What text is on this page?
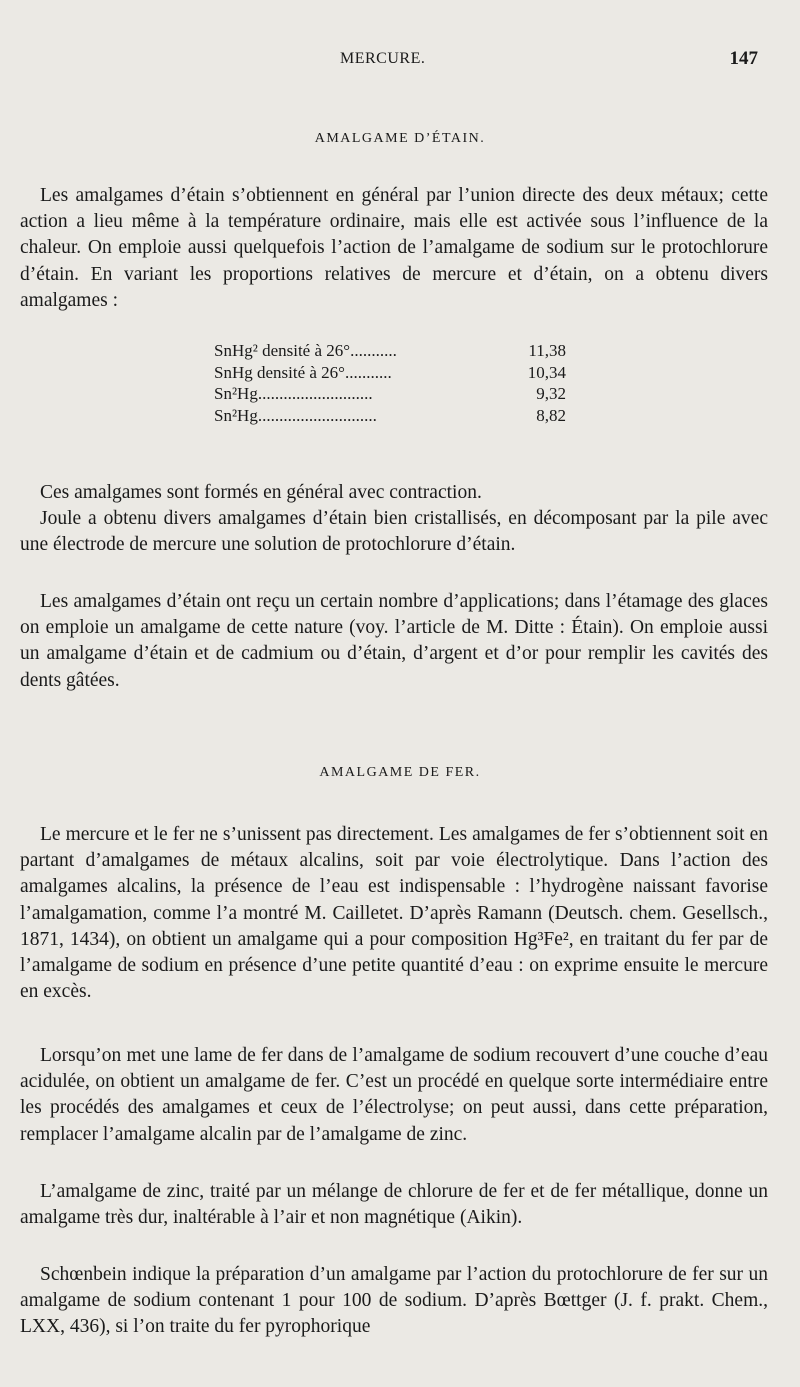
MERCURE.	147
AMALGAME D’ÉTAIN.

Les amalgames d’étain s’obtiennent en général par l’union directe des deux métaux; cette action a lieu même à la température ordinaire, mais elle est activée sous l’influence de la chaleur. On emploie aussi quelquefois l’action de l’amalgame de sodium sur le protochlorure d’étain. En variant les proportions relatives de mercure et d’étain, on a obtenu divers amalgames :

SnHg² densité à 26°...........	11,38
SnHg densité à 26°...........	10,34
Sn²Hg...........................	9,32
Sn²Hg............................	8,82

Ces amalgames sont formés en général avec contraction.

Joule a obtenu divers amalgames d’étain bien cristallisés, en décomposant par la pile avec une électrode de mercure une solution de protochlorure d’étain.

Les amalgames d’étain ont reçu un certain nombre d’applications; dans l’étamage des glaces on emploie un amalgame de cette nature (voy. l’article de M. Ditte : Étain). On emploie aussi un amalgame d’étain et de cadmium ou d’étain, d’argent et d’or pour remplir les cavités des dents gâtées.

AMALGAME DE FER.

Le mercure et le fer ne s’unissent pas directement. Les amalgames de fer s’obtiennent soit en partant d’amalgames de métaux alcalins, soit par voie électrolytique. Dans l’action des amalgames alcalins, la présence de l’eau est indispensable : l’hydrogène naissant favorise l’amalgamation, comme l’a montré M. Cailletet. D’après Ramann (Deutsch. chem. Gesellsch., 1871, 1434), on obtient un amalgame qui a pour composition Hg³Fe², en traitant du fer par de l’amalgame de sodium en présence d’une petite quantité d’eau : on exprime ensuite le mercure en excès.

Lorsqu’on met une lame de fer dans de l’amalgame de sodium recouvert d’une couche d’eau acidulée, on obtient un amalgame de fer. C’est un procédé en quelque sorte intermédiaire entre les procédés des amalgames et ceux de l’électrolyse; on peut aussi, dans cette préparation, remplacer l’amalgame alcalin par de l’amalgame de zinc.

L’amalgame de zinc, traité par un mélange de chlorure de fer et de fer métallique, donne un amalgame très dur, inaltérable à l’air et non magnétique (Aikin).

Schœnbein indique la préparation d’un amalgame par l’action du protochlorure de fer sur un amalgame de sodium contenant 1 pour 100 de sodium. D’après Bœttger (J. f. prakt. Chem., LXX, 436), si l’on traite du fer pyrophorique
